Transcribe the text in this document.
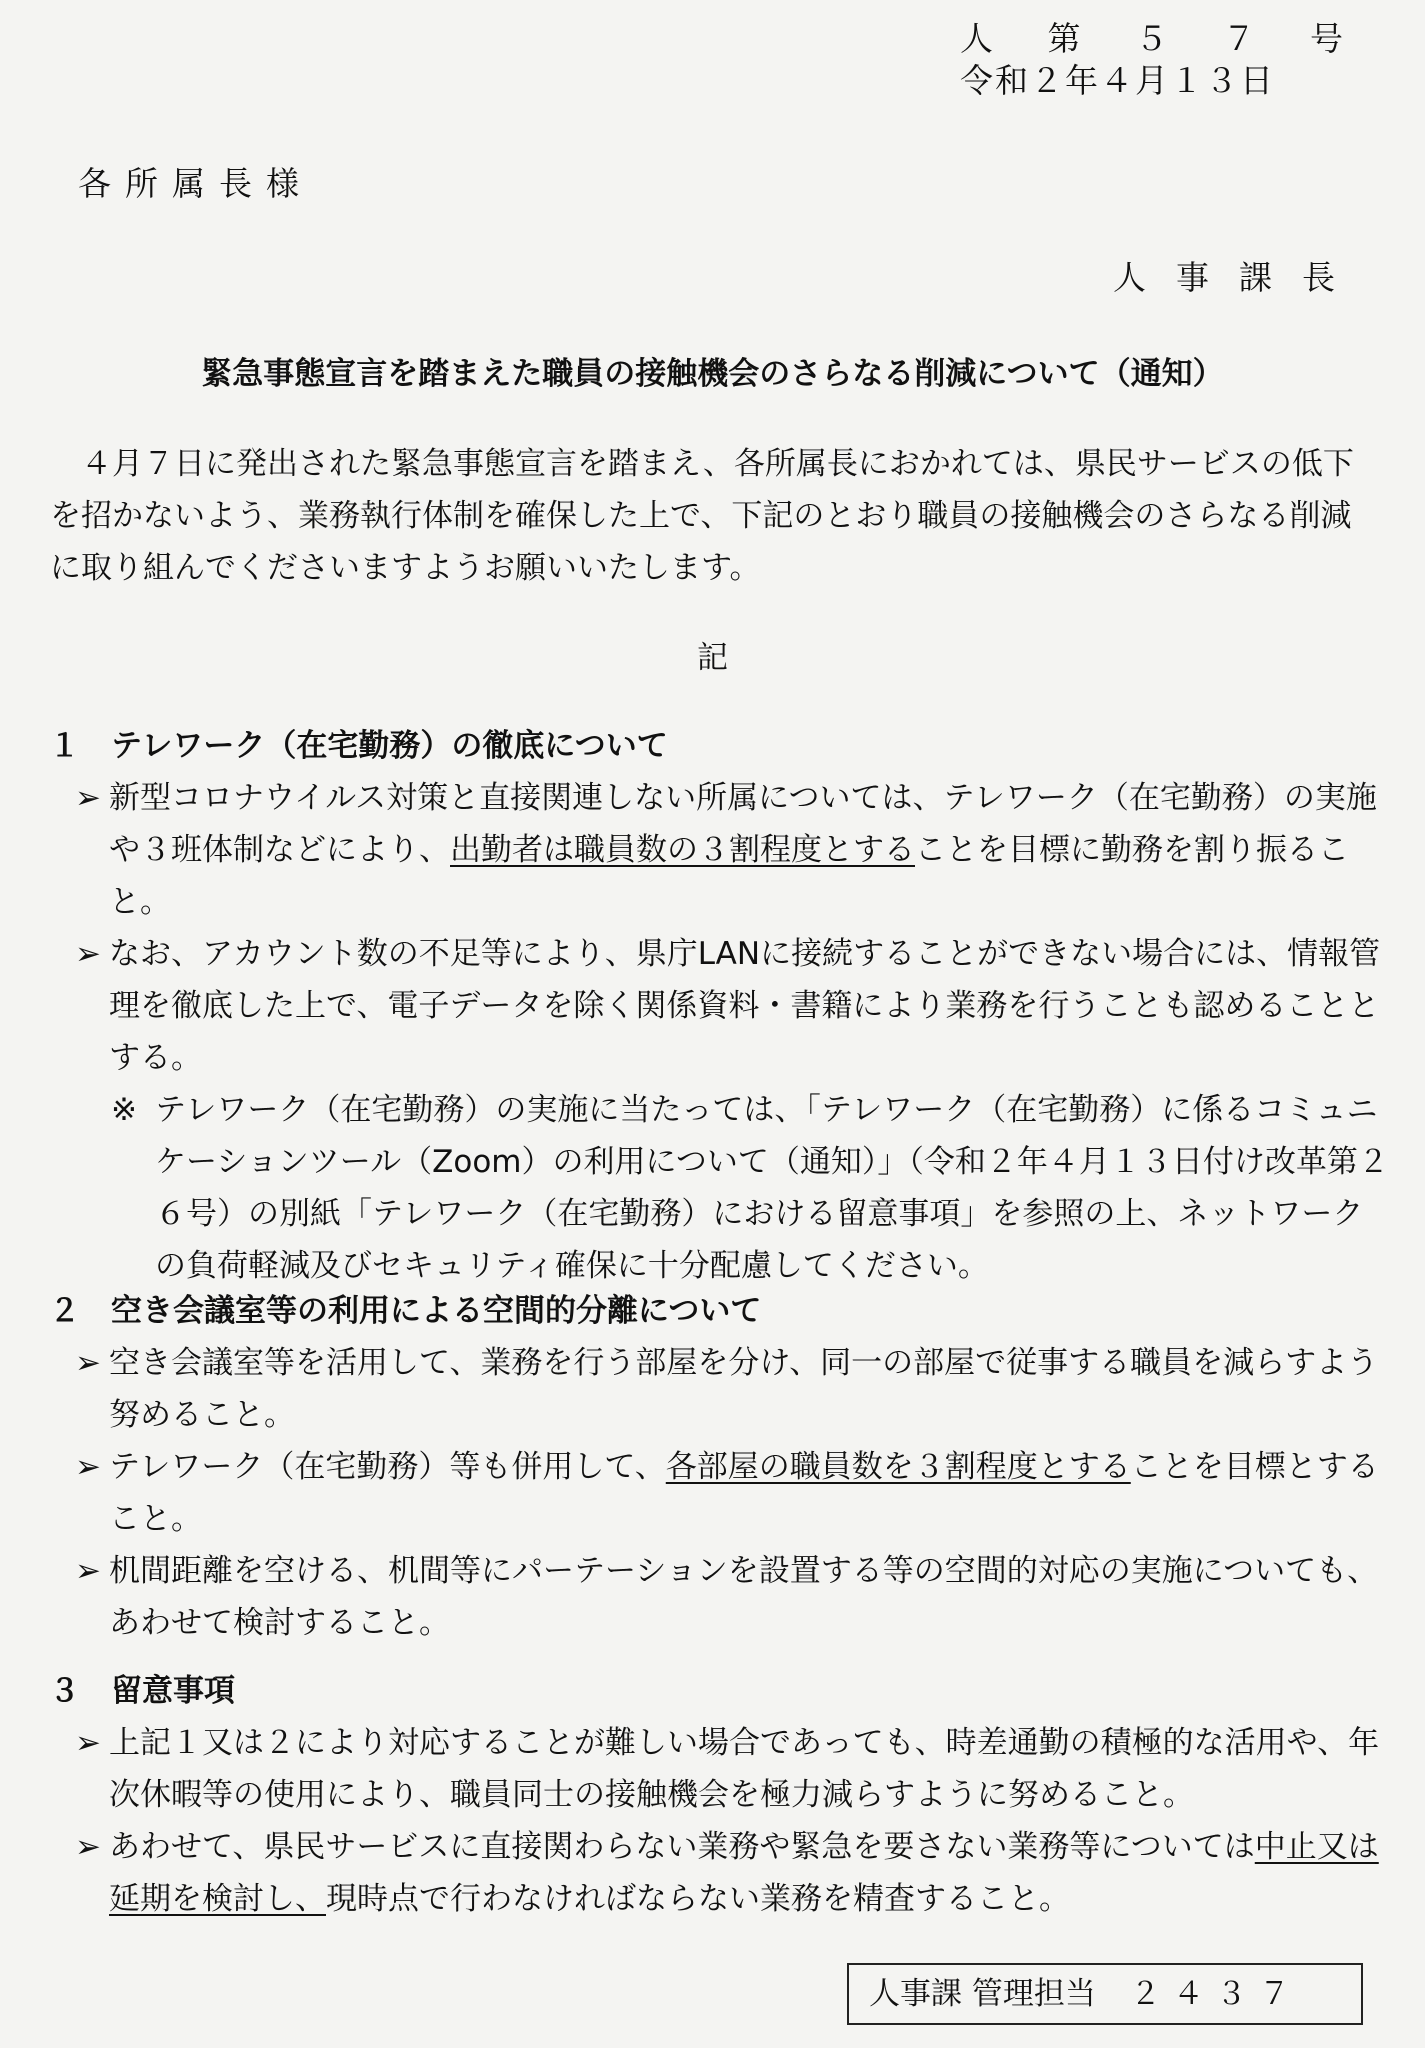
人 第 ５ ７ 号
令和２年４月１３日
各所属長様
人事課長
緊急事態宣言を踏まえた職員の接触機会のさらなる削減について（通知）
４月７日に発出された緊急事態宣言を踏まえ、各所属長におかれては、県民サービスの低下を招かないよう、業務執行体制を確保した上で、下記のとおり職員の接触機会のさらなる削減に取り組んでくださいますようお願いいたします。
記
１ テレワーク（在宅勤務）の徹底について
➢ 新型コロナウイルス対策と直接関連しない所属については、テレワーク（在宅勤務）の実施や３班体制などにより、出勤者は職員数の３割程度とすることを目標に勤務を割り振ること。
➢ なお、アカウント数の不足等により、県庁LANに接続することができない場合には、情報管理を徹底した上で、電子データを除く関係資料・書籍により業務を行うことも認めることとする。
※ テレワーク（在宅勤務）の実施に当たっては、「テレワーク（在宅勤務）に係るコミュニケーションツール（Zoom）の利用について（通知）」（令和２年４月１３日付け改革第２６号）の別紙「テレワーク（在宅勤務）における留意事項」を参照の上、ネットワークの負荷軽減及びセキュリティ確保に十分配慮してください。
２ 空き会議室等の利用による空間的分離について
➢ 空き会議室等を活用して、業務を行う部屋を分け、同一の部屋で従事する職員を減らすよう努めること。
➢ テレワーク（在宅勤務）等も併用して、各部屋の職員数を３割程度とすることを目標とすること。
➢ 机間距離を空ける、机間等にパーテーションを設置する等の空間的対応の実施についても、あわせて検討すること。
３ 留意事項
➢ 上記１又は２により対応することが難しい場合であっても、時差通勤の積極的な活用や、年次休暇等の使用により、職員同士の接触機会を極力減らすように努めること。
➢ あわせて、県民サービスに直接関わらない業務や緊急を要さない業務等については中止又は延期を検討し、現時点で行わなければならない業務を精査すること。
人事課 管理担当 ２４３７
